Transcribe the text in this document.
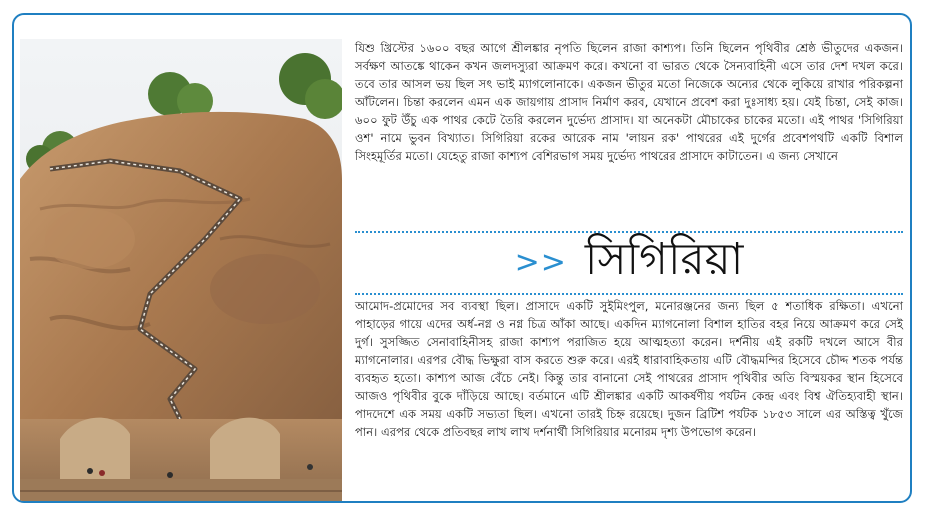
যিশু খ্রিস্টের ১৬০০ বছর আগে শ্রীলঙ্কার নৃপতি ছিলেন রাজা কাশ্যপ। তিনি ছিলেন পৃথিবীর শ্রেষ্ঠ ভীতুদের একজন। সর্বক্ষণ আতঙ্কে থাকেন কখন জলদস্যুরা আক্রমণ করে। কখনো বা ভারত থেকে সৈন্যবাহিনী এসে তার দেশ দখল করে। তবে তার আসল ভয় ছিল সৎ ভাই ম্যাগলোনাকে। একজন ভীতুর মতো নিজেকে অন্যের থেকে লুকিয়ে রাখার পরিকল্পনা আঁটলেন। চিন্তা করলেন এমন এক জায়গায় প্রাসাদ নির্মাণ করব, যেখানে প্রবেশ করা দুঃসাধ্য হয়। যেই চিন্তা, সেই কাজ। ৬০০ ফুট উঁচু এক পাথর কেটে তৈরি করলেন দুর্ভেদ্য প্রাসাদ। যা অনেকটা মৌচাকের চাকের মতো। এই পাথর 'সিগিরিয়া ওশ' নামে ভুবন বিখ্যাত। সিগিরিয়া রকের আরেক নাম 'লায়ন রক' পাথরের এই দুর্গের প্রবেশপথটি একটি বিশাল সিংহমূর্তির মতো। যেহেতু রাজা কাশ্যপ বেশিরভাগ সময় দুর্ভেদ্য পাথরের প্রাসাদে কাটাতেন। এ জন্য সেখানে

>> সিগিরিয়া

আমোদ-প্রমোদের সব ব্যবস্থা ছিল। প্রাসাদে একটি সুইমিংপুল, মনোরঞ্জনের জন্য ছিল ৫ শতাধিক রক্ষিতা। এখনো পাহাড়ের গায়ে এদের অর্ধ-নগ্ন ও নগ্ন চিত্র আঁকা আছে। একদিন ম্যাগনোলা বিশাল হাতির বহর নিয়ে আক্রমণ করে সেই দুর্গ। সুসজ্জিত সেনাবাহিনীসহ রাজা কাশ্যপ পরাজিত হয়ে আত্মহত্যা করেন। দর্শনীয় এই রকটি দখলে আসে বীর ম্যাগনোলার। এরপর বৌদ্ধ ভিক্ষুরা বাস করতে শুরু করে। এরই ধারাবাহিকতায় এটি বৌদ্ধমন্দির হিসেবে চৌদ্দ শতক পর্যন্ত ব্যবহৃত হতো। কাশ্যপ আজ বেঁচে নেই। কিন্তু তার বানানো সেই পাথরের প্রাসাদ পৃথিবীর অতি বিস্ময়কর স্থান হিসেবে আজও পৃথিবীর বুকে দাঁড়িয়ে আছে। বর্তমানে এটি শ্রীলঙ্কার একটি আকর্ষণীয় পর্যটন কেন্দ্র এবং বিশ্ব ঐতিহ্যবাহী স্থান। পাদদেশে এক সময় একটি সভ্যতা ছিল। এখনো তারই চিহ্ন রয়েছে। দুজন ব্রিটিশ পর্যটক ১৮৫৩ সালে এর অস্তিত্ব খুঁজে পান। এরপর থেকে প্রতিবছর লাখ লাখ দর্শনার্থী সিগিরিয়ার মনোরম দৃশ্য উপভোগ করেন।
